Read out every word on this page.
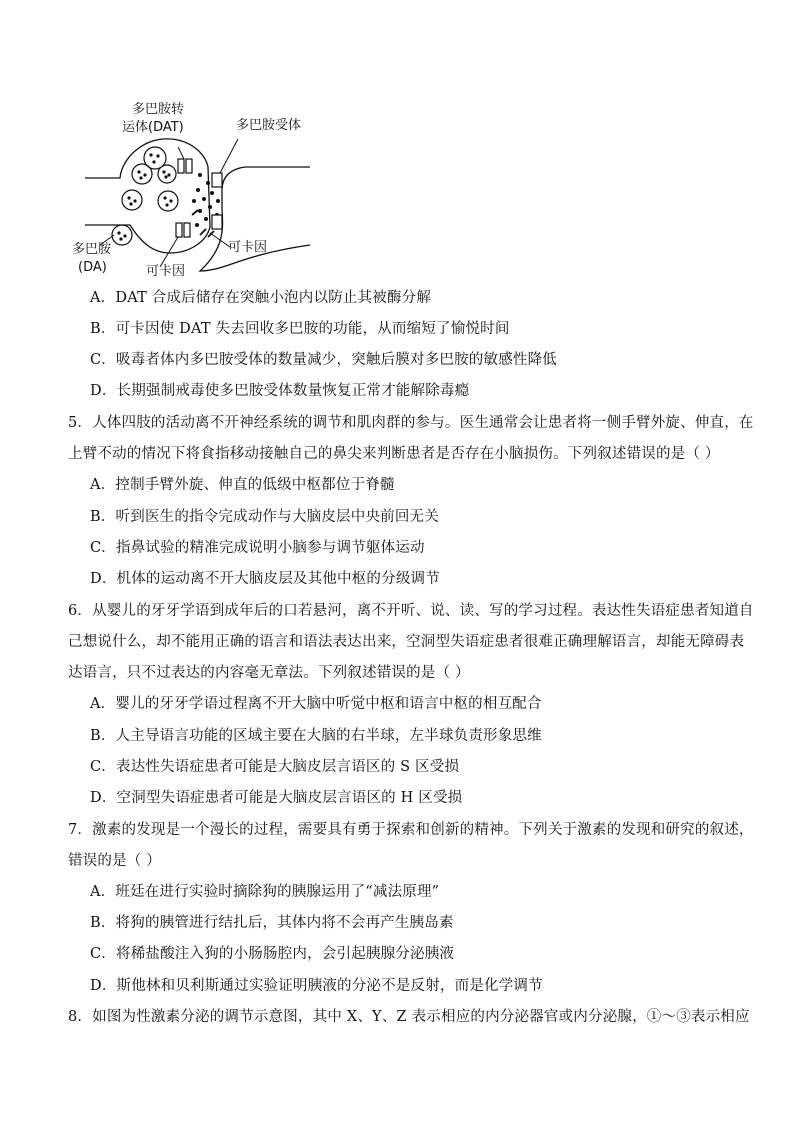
多巴胺转
运体(DAT)	多巴胺受体
多巴胺
(DA)
可卡因
可卡因
A．DAT 合成后储存在突触小泡内以防止其被酶分解
B．可卡因使 DAT 失去回收多巴胺的功能，从而缩短了愉悦时间
C．吸毒者体内多巴胺受体的数量减少，突触后膜对多巴胺的敏感性降低
D．长期强制戒毒使多巴胺受体数量恢复正常才能解除毒瘾
5．人体四肢的活动离不开神经系统的调节和肌肉群的参与。医生通常会让患者将一侧手臂外旋、伸直，在
上臂不动的情况下将食指移动接触自己的鼻尖来判断患者是否存在小脑损伤。下列叙述错误的是（ ）
A．控制手臂外旋、伸直的低级中枢都位于脊髓
B．听到医生的指令完成动作与大脑皮层中央前回无关
C．指鼻试验的精准完成说明小脑参与调节躯体运动
D．机体的运动离不开大脑皮层及其他中枢的分级调节
6．从婴儿的牙牙学语到成年后的口若悬河，离不开听、说、读、写的学习过程。表达性失语症患者知道自
己想说什么，却不能用正确的语言和语法表达出来，空洞型失语症患者很难正确理解语言，却能无障碍表
达语言，只不过表达的内容毫无章法。下列叙述错误的是（ ）
A．婴儿的牙牙学语过程离不开大脑中听觉中枢和语言中枢的相互配合
B．人主导语言功能的区域主要在大脑的右半球，左半球负责形象思维
C．表达性失语症患者可能是大脑皮层言语区的 S 区受损
D．空洞型失语症患者可能是大脑皮层言语区的 H 区受损
7．激素的发现是一个漫长的过程，需要具有勇于探索和创新的精神。下列关于激素的发现和研究的叙述，
错误的是（ ）
A．班廷在进行实验时摘除狗的胰腺运用了“减法原理”
B．将狗的胰管进行结扎后，其体内将不会再产生胰岛素
C．将稀盐酸注入狗的小肠肠腔内，会引起胰腺分泌胰液
D．斯他林和贝利斯通过实验证明胰液的分泌不是反射，而是化学调节
8．如图为性激素分泌的调节示意图，其中 X、Y、Z 表示相应的内分泌器官或内分泌腺，①～③表示相应
